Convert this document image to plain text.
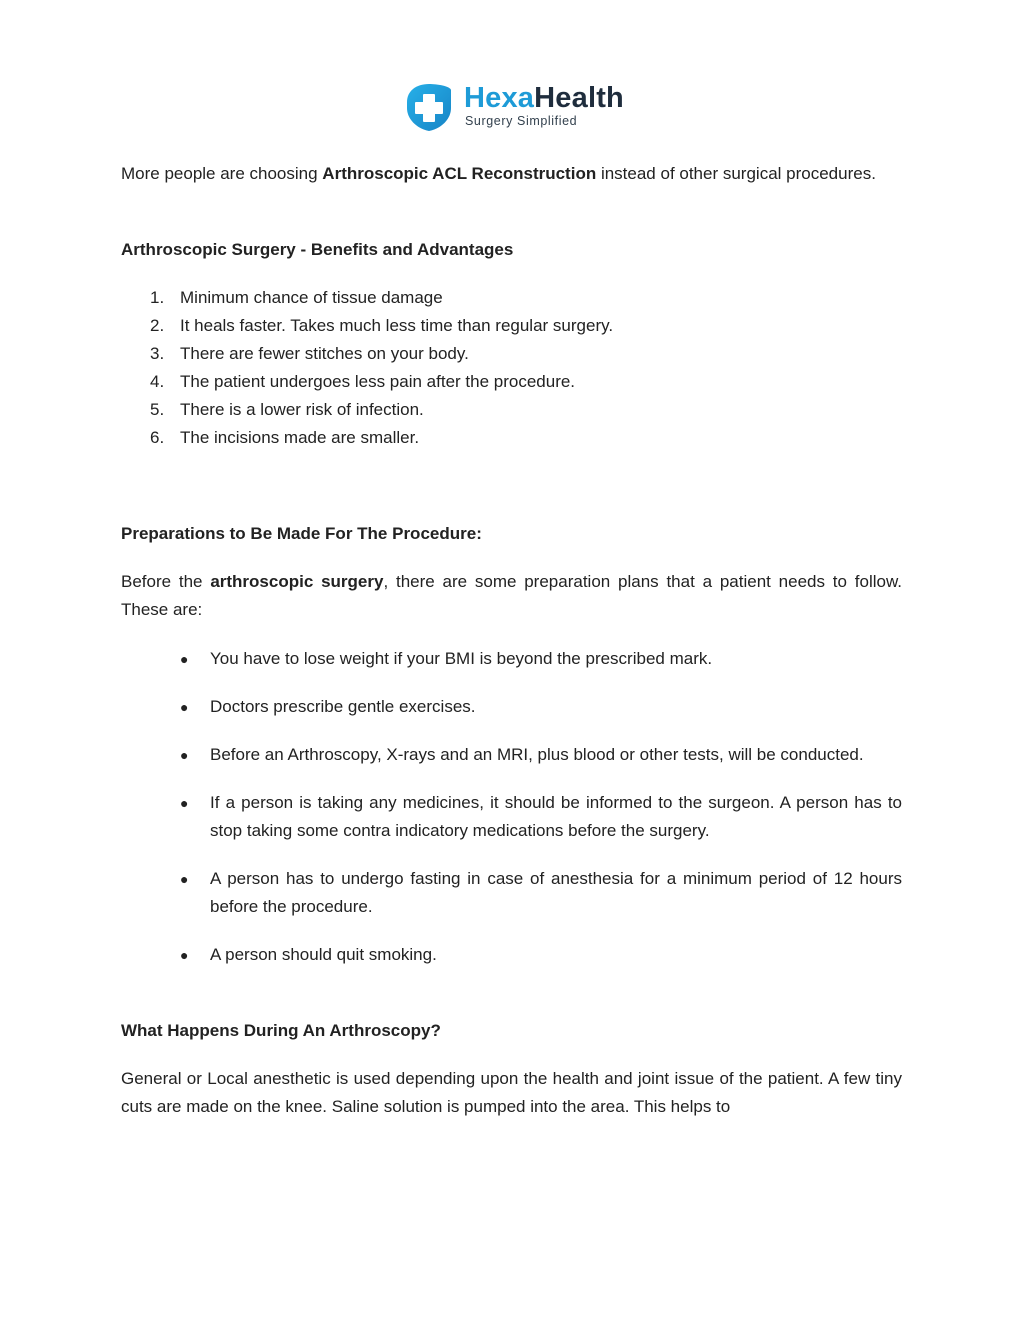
HexaHealth
Surgery Simplified

More people are choosing Arthroscopic ACL Reconstruction instead of other surgical procedures.

Arthroscopic Surgery - Benefits and Advantages
1. Minimum chance of tissue damage
2. It heals faster. Takes much less time than regular surgery.
3. There are fewer stitches on your body.
4. The patient undergoes less pain after the procedure.
5. There is a lower risk of infection.
6. The incisions made are smaller.
Preparations to Be Made For The Procedure:

Before the arthroscopic surgery, there are some preparation plans that a patient needs to follow. These are:

● You have to lose weight if your BMI is beyond the prescribed mark.
● Doctors prescribe gentle exercises.
● Before an Arthroscopy, X-rays and an MRI, plus blood or other tests, will be conducted.
● If a person is taking any medicines, it should be informed to the surgeon. A person has to stop taking some contra indicatory medications before the surgery.
● A person has to undergo fasting in case of anesthesia for a minimum period of 12 hours before the procedure.
● A person should quit smoking.
What Happens During An Arthroscopy?

General or Local anesthetic is used depending upon the health and joint issue of the patient. A few tiny cuts are made on the knee. Saline solution is pumped into the area. This helps to
